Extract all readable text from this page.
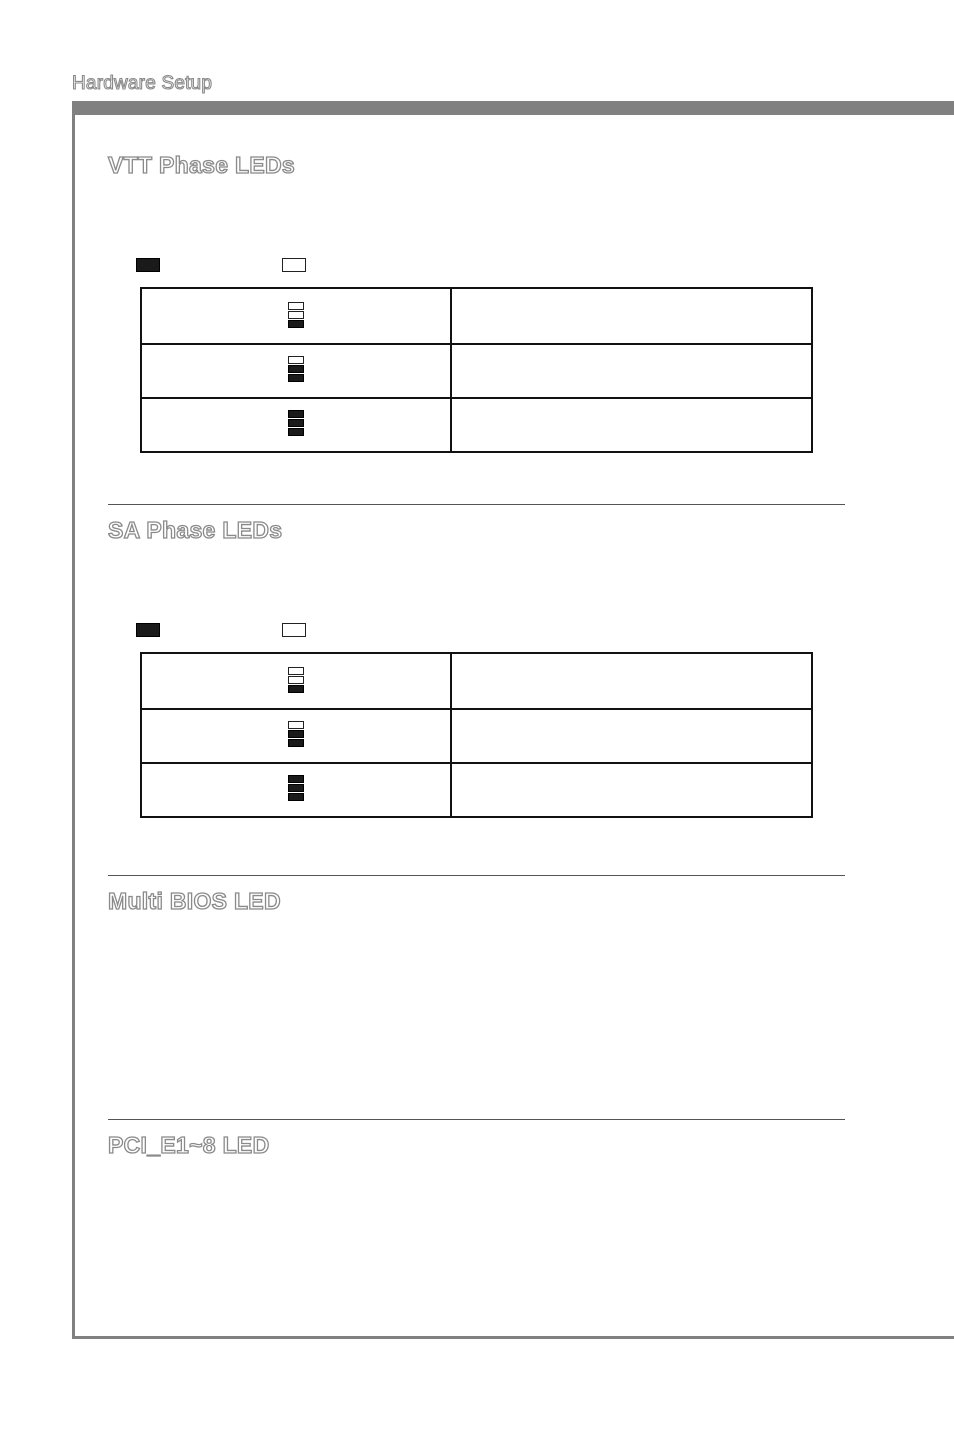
Hardware Setup
VTT Phase LEDs
SA Phase LEDs
Multi BIOS LED
PCI_E1~8 LED
